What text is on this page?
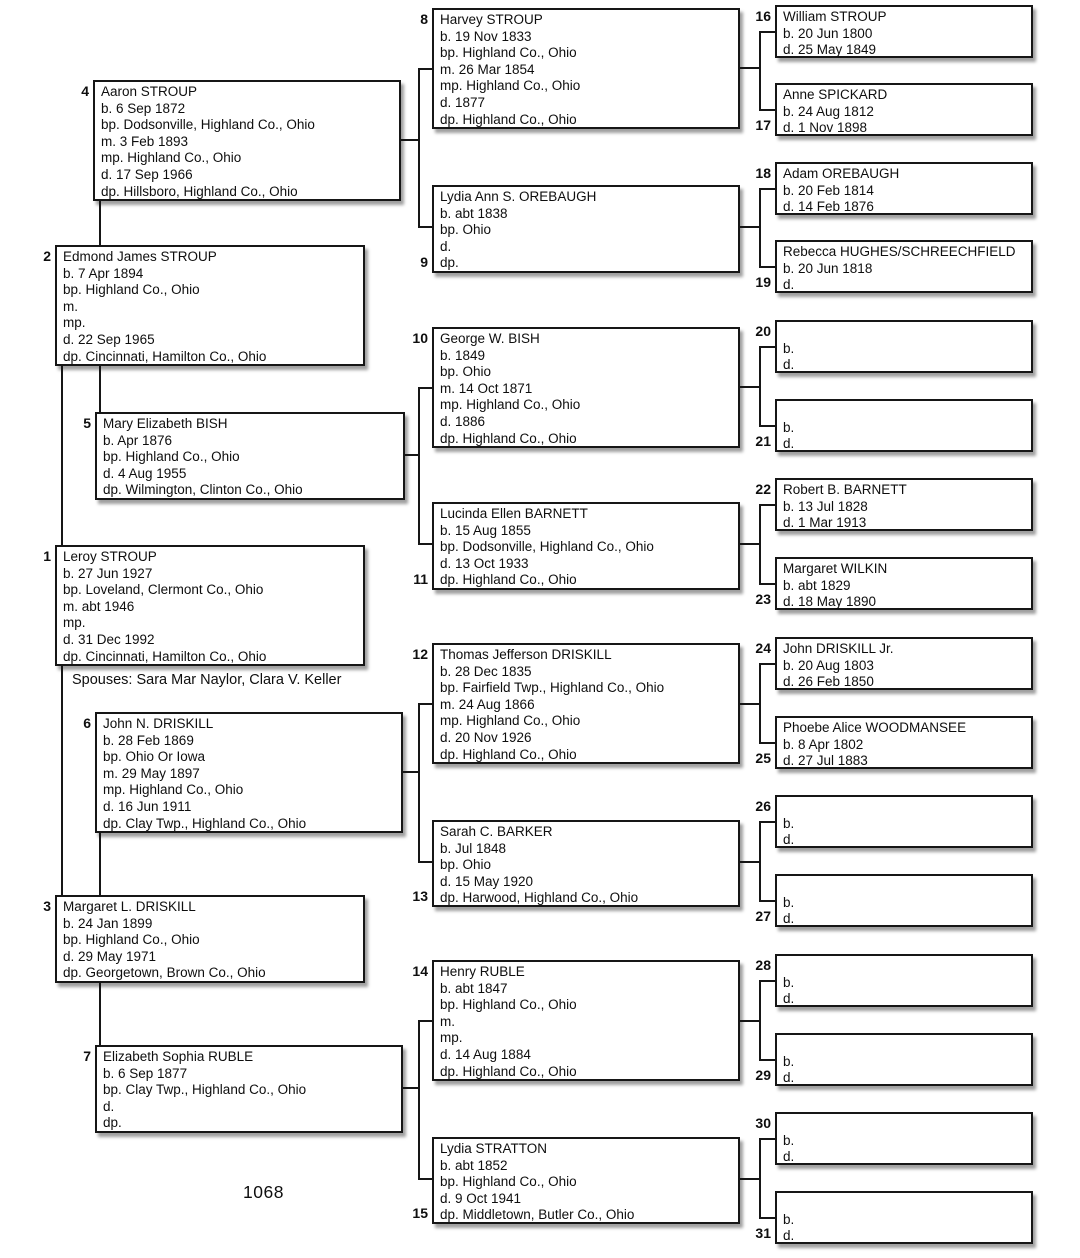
4 Aaron STROUP
b. 6 Sep 1872
bp. Dodsonville, Highland Co., Ohio
m. 3 Feb 1893
mp. Highland Co., Ohio
d. 17 Sep 1966
dp. Hillsboro, Highland Co., Ohio
2 Edmond James STROUP
b. 7 Apr 1894
bp. Highland Co., Ohio
m.
mp.
d. 22 Sep 1965
dp. Cincinnati, Hamilton Co., Ohio
5 Mary Elizabeth BISH
b. Apr 1876
bp. Highland Co., Ohio
d. 4 Aug 1955
dp. Wilmington, Clinton Co., Ohio
1 Leroy STROUP
b. 27 Jun 1927
bp. Loveland, Clermont Co., Ohio
m. abt 1946
mp.
d. 31 Dec 1992
dp. Cincinnati, Hamilton Co., Ohio
Spouses: Sara Mar Naylor, Clara V. Keller
6 John N. DRISKILL
b. 28 Feb 1869
bp. Ohio Or Iowa
m. 29 May 1897
mp. Highland Co., Ohio
d. 16 Jun 1911
dp. Clay Twp., Highland Co., Ohio
3 Margaret L. DRISKILL
b. 24 Jan 1899
bp. Highland Co., Ohio
d. 29 May 1971
dp. Georgetown, Brown Co., Ohio
7 Elizabeth Sophia RUBLE
b. 6 Sep 1877
bp. Clay Twp., Highland Co., Ohio
d.
dp.
1068
8 Harvey STROUP
b. 19 Nov 1833
bp. Highland Co., Ohio
m. 26 Mar 1854
mp. Highland Co., Ohio
d. 1877
dp. Highland Co., Ohio
9
Lydia Ann S. OREBAUGH
b. abt 1838
bp. Ohio
d.
dp.
10 George W. BISH
b. 1849
bp. Ohio
m. 14 Oct 1871
mp. Highland Co., Ohio
d. 1886
dp. Highland Co., Ohio
11
Lucinda Ellen BARNETT
b. 15 Aug 1855
bp. Dodsonville, Highland Co., Ohio
d. 13 Oct 1933
dp. Highland Co., Ohio
12 Thomas Jefferson DRISKILL
b. 28 Dec 1835
bp. Fairfield Twp., Highland Co., Ohio
m. 24 Aug 1866
mp. Highland Co., Ohio
d. 20 Nov 1926
dp. Highland Co., Ohio
13
Sarah C. BARKER
b. Jul 1848
bp. Ohio
d. 15 May 1920
dp. Harwood, Highland Co., Ohio
14 Henry RUBLE
b. abt 1847
bp. Highland Co., Ohio
m.
mp.
d. 14 Aug 1884
dp. Highland Co., Ohio
15
Lydia STRATTON
b. abt 1852
bp. Highland Co., Ohio
d. 9 Oct 1941
dp. Middletown, Butler Co., Ohio
16 William STROUP
b. 20 Jun 1800
d. 25 May 1849
17
Anne SPICKARD
b. 24 Aug 1812
d. 1 Nov 1898
18 Adam OREBAUGH
b. 20 Feb 1814
d. 14 Feb 1876
19
Rebecca HUGHES/SCHREECHFIELD
b. 20 Jun 1818
d.
20
b.
d.
21
b.
d.
22 Robert B. BARNETT
b. 13 Jul 1828
d. 1 Mar 1913
23
Margaret WILKIN
b. abt 1829
d. 18 May 1890
24 John DRISKILL Jr.
b. 20 Aug 1803
d. 26 Feb 1850
25
Phoebe Alice WOODMANSEE
b. 8 Apr 1802
d. 27 Jul 1883
26
b.
d.
27
b.
d.
28
b.
d.
29
b.
d.
30
b.
d.
31
b.
d.
